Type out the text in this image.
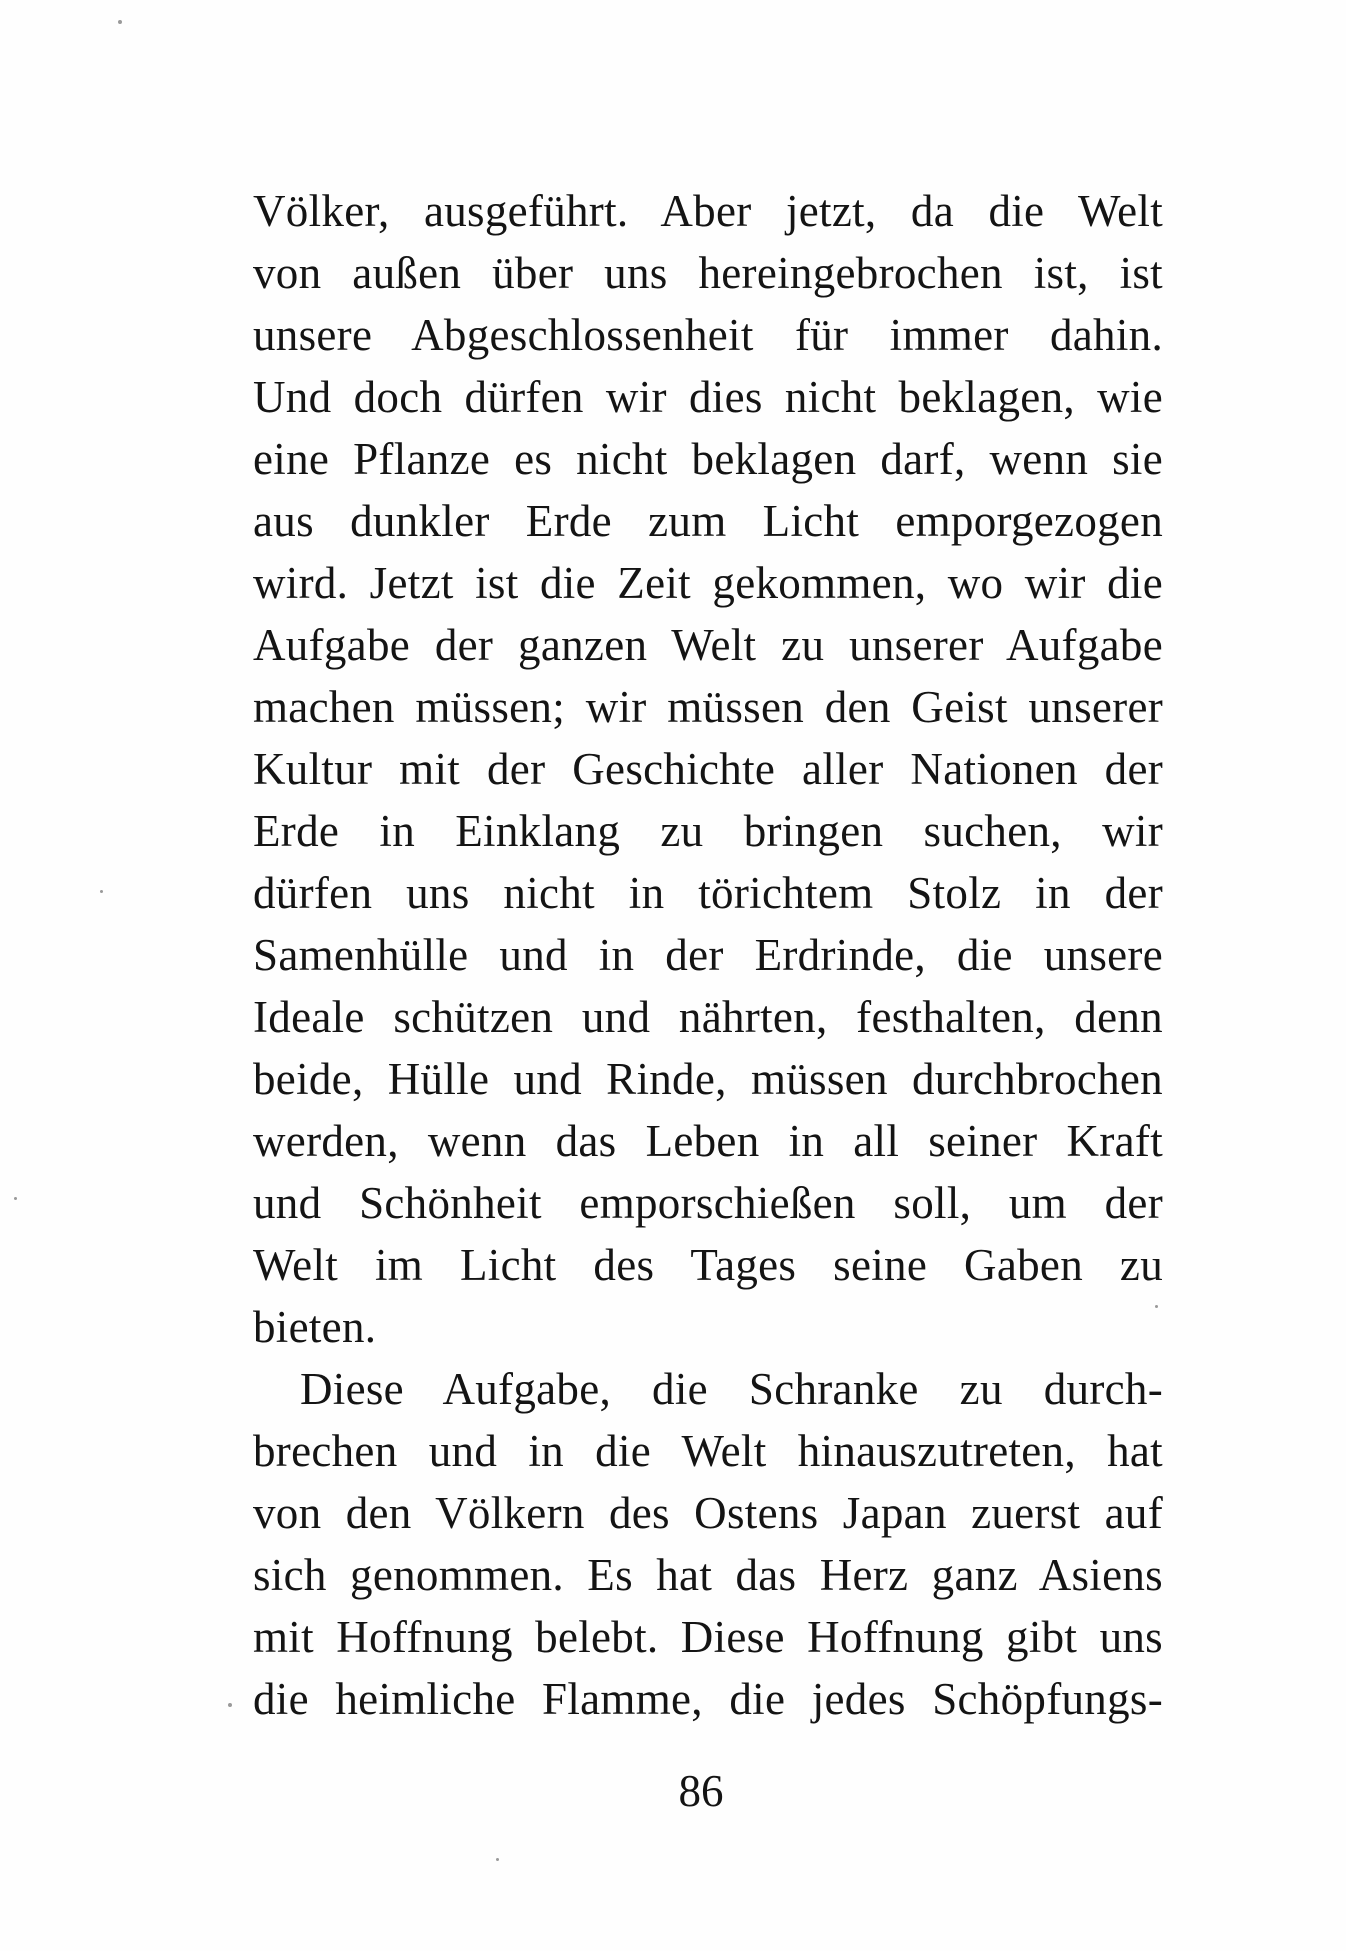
Völker, ausgeführt. Aber jetzt, da die Welt
von außen über uns hereingebrochen ist, ist
unsere Abgeschlossenheit für immer dahin.
Und doch dürfen wir dies nicht beklagen, wie
eine Pflanze es nicht beklagen darf, wenn sie
aus dunkler Erde zum Licht emporgezogen
wird. Jetzt ist die Zeit gekommen, wo wir die
Aufgabe der ganzen Welt zu unserer Aufgabe
machen müssen; wir müssen den Geist unserer
Kultur mit der Geschichte aller Nationen der
Erde in Einklang zu bringen suchen, wir
dürfen uns nicht in törichtem Stolz in der
Samenhülle und in der Erdrinde, die unsere
Ideale schützen und nährten, festhalten, denn
beide, Hülle und Rinde, müssen durchbrochen
werden, wenn das Leben in all seiner Kraft
und Schönheit emporschießen soll, um der
Welt im Licht des Tages seine Gaben zu
bieten.
Diese Aufgabe, die Schranke zu durch-
brechen und in die Welt hinauszutreten, hat
von den Völkern des Ostens Japan zuerst auf
sich genommen. Es hat das Herz ganz Asiens
mit Hoffnung belebt. Diese Hoffnung gibt uns
die heimliche Flamme, die jedes Schöpfungs-
86
